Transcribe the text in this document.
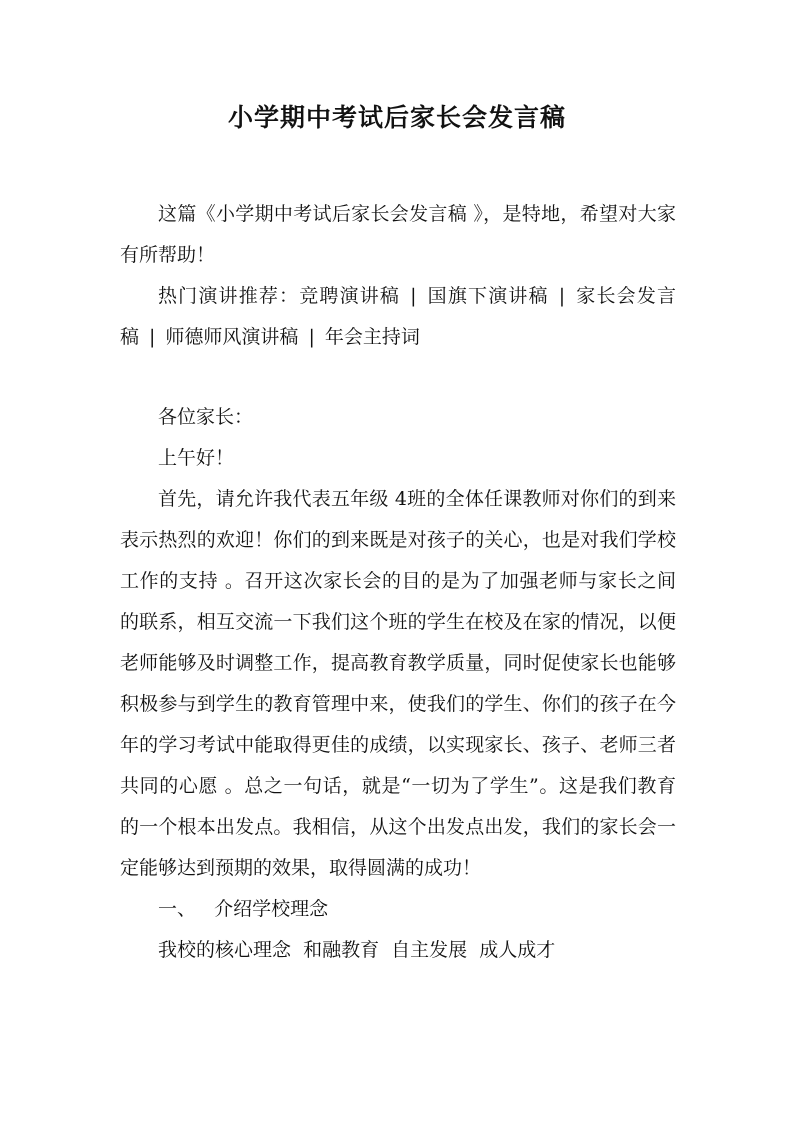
小学期中考试后家长会发言稿

这篇《小学期中考试后家长会发言稿 》，是特地，希望对大家有所帮助！

热门演讲推荐：竞聘演讲稿 | 国旗下演讲稿 | 家长会发言稿 | 师德师风演讲稿 | 年会主持词

各位家长：

上午好！

首先，请允许我代表五年级 4班的全体任课教师对你们的到来表示热烈的欢迎！你们的到来既是对孩子的关心，也是对我们学校工作的支持 。召开这次家长会的目的是为了加强老师与家长之间的联系，相互交流一下我们这个班的学生在校及在家的情况，以便老师能够及时调整工作，提高教育教学质量，同时促使家长也能够积极参与到学生的教育管理中来，使我们的学生、你们的孩子在今年的学习考试中能取得更佳的成绩，以实现家长、孩子、老师三者共同的心愿 。总之一句话，就是“一切为了学生”。这是我们教育的一个根本出发点。我相信，从这个出发点出发，我们的家长会一定能够达到预期的效果，取得圆满的成功！

一、   介绍学校理念

我校的核心理念  和融教育  自主发展  成人成才
